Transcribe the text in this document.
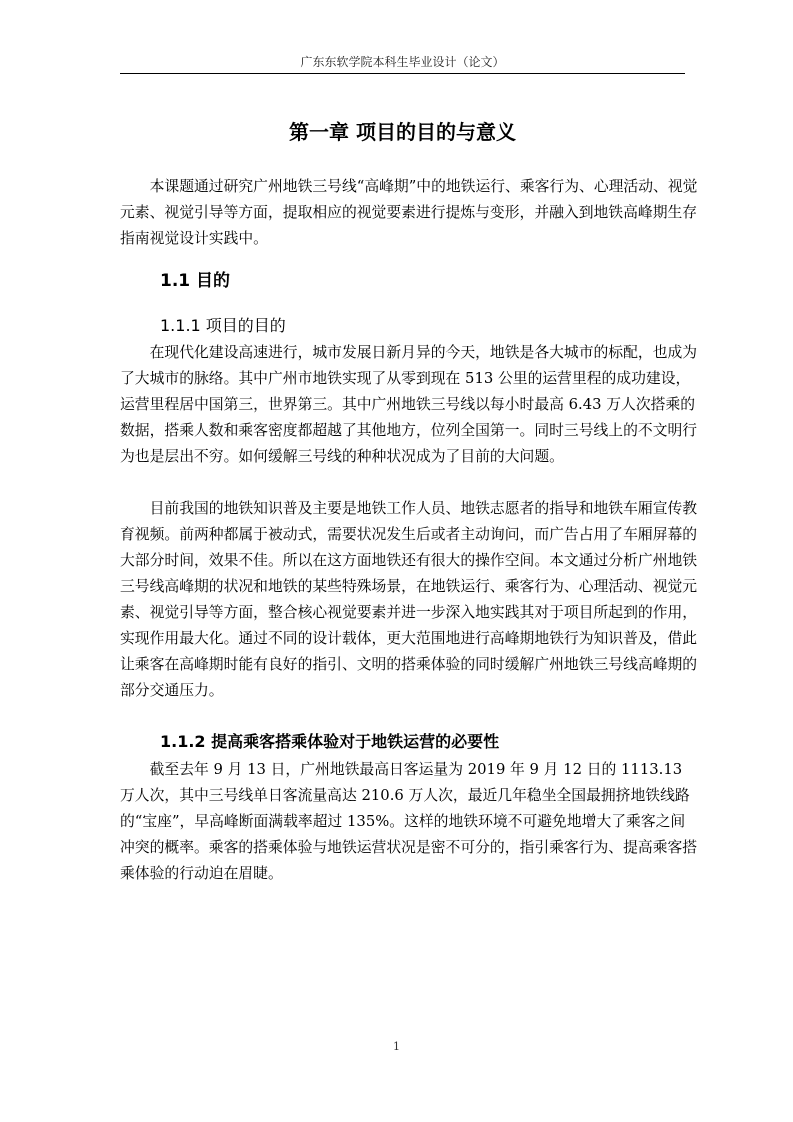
广东东软学院本科生毕业设计（论文）
第一章 项目的目的与意义

本课题通过研究广州地铁三号线“高峰期”中的地铁运行、乘客行为、心理活动、视觉元素、视觉引导等方面，提取相应的视觉要素进行提炼与变形，并融入到地铁高峰期生存指南视觉设计实践中。

1.1 目的
1.1.1 项目的目的

在现代化建设高速进行，城市发展日新月异的今天，地铁是各大城市的标配，也成为了大城市的脉络。其中广州市地铁实现了从零到现在 513 公里的运营里程的成功建设，运营里程居中国第三，世界第三。其中广州地铁三号线以每小时最高 6.43 万人次搭乘的数据，搭乘人数和乘客密度都超越了其他地方，位列全国第一。同时三号线上的不文明行为也是层出不穷。如何缓解三号线的种种状况成为了目前的大问题。

目前我国的地铁知识普及主要是地铁工作人员、地铁志愿者的指导和地铁车厢宣传教育视频。前两种都属于被动式，需要状况发生后或者主动询问，而广告占用了车厢屏幕的大部分时间，效果不佳。所以在这方面地铁还有很大的操作空间。本文通过分析广州地铁三号线高峰期的状况和地铁的某些特殊场景，在地铁运行、乘客行为、心理活动、视觉元素、视觉引导等方面，整合核心视觉要素并进一步深入地实践其对于项目所起到的作用，实现作用最大化。通过不同的设计载体，更大范围地进行高峰期地铁行为知识普及，借此让乘客在高峰期时能有良好的指引、文明的搭乘体验的同时缓解广州地铁三号线高峰期的部分交通压力。

1.1.2 提高乘客搭乘体验对于地铁运营的必要性

截至去年 9 月 13 日，广州地铁最高日客运量为 2019 年 9 月 12 日的 1113.13 万人次，其中三号线单日客流量高达 210.6 万人次，最近几年稳坐全国最拥挤地铁线路的“宝座”，早高峰断面满载率超过 135%。这样的地铁环境不可避免地增大了乘客之间冲突的概率。乘客的搭乘体验与地铁运营状况是密不可分的，指引乘客行为、提高乘客搭乘体验的行动迫在眉睫。

1
